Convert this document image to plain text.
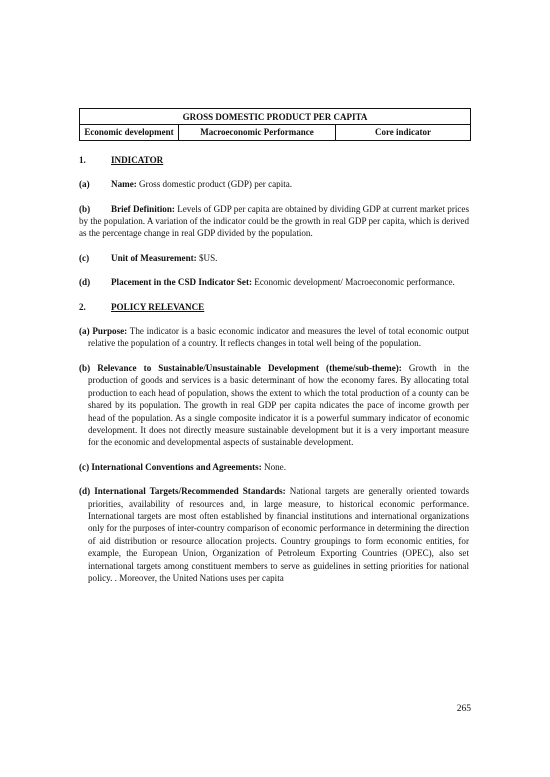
GROSS DOMESTIC PRODUCT PER CAPITA
Economic development	Macroeconomic Performance	Core indicator
1.	INDICATOR
(a) Name: Gross domestic product (GDP) per capita.
(b) Brief Definition: Levels of GDP per capita are obtained by dividing GDP at current market prices by the population. A variation of the indicator could be the growth in real GDP per capita, which is derived as the percentage change in real GDP divided by the population.
(c) Unit of Measurement: $US.
(d) Placement in the CSD Indicator Set: Economic development/ Macroeconomic performance.
2.	POLICY RELEVANCE
(a) Purpose: The indicator is a basic economic indicator and measures the level of total economic output relative the population of a country. It reflects changes in total well being of the population.
(b) Relevance to Sustainable/Unsustainable Development (theme/sub-theme): Growth in the production of goods and services is a basic determinant of how the economy fares. By allocating total production to each head of population, shows the extent to which the total production of a county can be shared by its population. The growth in real GDP per capita ndicates the pace of income growth per head of the population. As a single composite indicator it is a powerful summary indicator of economic development. It does not directly measure sustainable development but it is a very important measure for the economic and developmental aspects of sustainable development.
(c) International Conventions and Agreements: None.
(d) International Targets/Recommended Standards: National targets are generally oriented towards priorities, availability of resources and, in large measure, to historical economic performance. International targets are most often established by financial institutions and international organizations only for the purposes of inter-country comparison of economic performance in determining the direction of aid distribution or resource allocation projects. Country groupings to form economic entities, for example, the European Union, Organization of Petroleum Exporting Countries (OPEC), also set international targets among constituent members to serve as guidelines in setting priorities for national policy. . Moreover, the United Nations uses per capita
265
